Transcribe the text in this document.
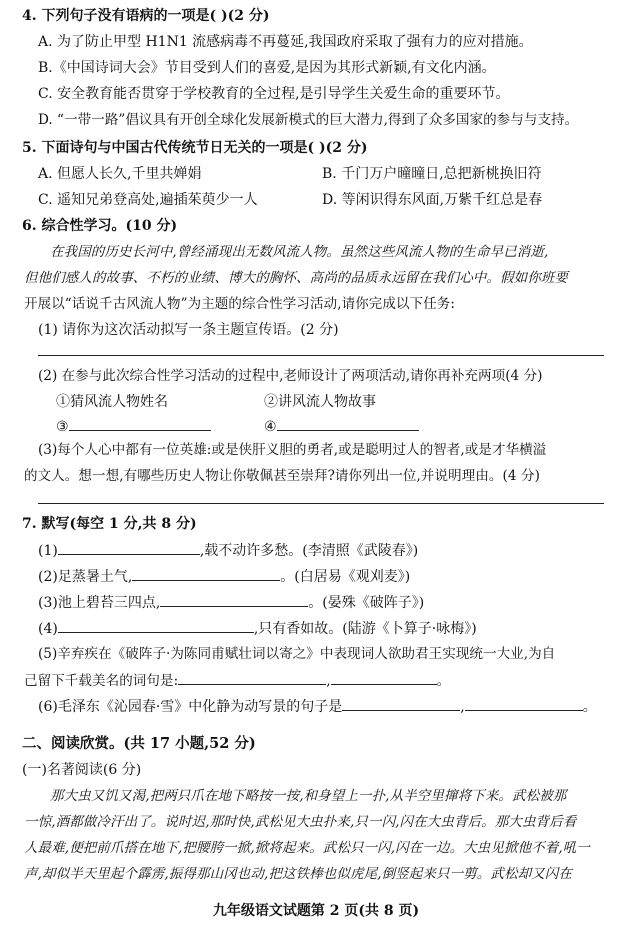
4. 下列句子没有语病的一项是( )(2 分)
A. 为了防止甲型 H1N1 流感病毒不再蔓延,我国政府采取了强有力的应对措施。
B.《中国诗词大会》节目受到人们的喜爱,是因为其形式新颖,有文化内涵。
C. 安全教育能否贯穿于学校教育的全过程,是引导学生关爱生命的重要环节。
D. “一带一路”倡议具有开创全球化发展新模式的巨大潜力,得到了众多国家的参与与支持。
5. 下面诗句与中国古代传统节日无关的一项是( )(2 分)
A. 但愿人长久,千里共婵娟	B. 千门万户曈曈日,总把新桃换旧符
C. 遥知兄弟登高处,遍插茱萸少一人	D. 等闲识得东风面,万紫千红总是春
6. 综合性学习。(10 分)
在我国的历史长河中,曾经涌现出无数风流人物。虽然这些风流人物的生命早已消逝,
但他们感人的故事、不朽的业绩、博大的胸怀、高尚的品质永远留在我们心中。假如你班要
开展以“话说千古风流人物”为主题的综合性学习活动,请你完成以下任务:
(1) 请你为这次活动拟写一条主题宣传语。(2 分)
(2) 在参与此次综合性学习活动的过程中,老师设计了两项活动,请你再补充两项(4 分)
①猜风流人物姓名	②讲风流人物故事
③	④
(3)每个人心中都有一位英雄:或是侠肝义胆的勇者,或是聪明过人的智者,或是才华横溢
的文人。想一想,有哪些历史人物让你敬佩甚至崇拜?请你列出一位,并说明理由。(4 分)
7. 默写(每空 1 分,共 8 分)
(1)	,载不动许多愁。(李清照《武陵春》)
(2)足蒸暑土气,	。(白居易《观刈麦》)
(3)池上碧苔三四点,	。(晏殊《破阵子》)
(4)	,只有香如故。(陆游《卜算子·咏梅》)
(5)辛弃疾在《破阵子·为陈同甫赋壮词以寄之》中表现词人欲助君王实现统一大业,为自
己留下千载美名的词句是:	,	。
(6)毛泽东《沁园春·雪》中化静为动写景的句子是	,	。
二、阅读欣赏。(共 17 小题,52 分)
(一)名著阅读(6 分)
那大虫又饥又渴,把两只爪在地下略按一按,和身望上一扑,从半空里撺将下来。武松被那
一惊,酒都做冷汗出了。说时迟,那时快,武松见大虫扑来,只一闪,闪在大虫背后。那大虫背后看
人最难,便把前爪搭在地下,把腰胯一掀,掀将起来。武松只一闪,闪在一边。大虫见掀他不着,吼一
声,却似半天里起个霹雳,振得那山冈也动,把这铁棒也似虎尾,倒竖起来只一剪。武松却又闪在
九年级语文试题第 2 页(共 8 页)
